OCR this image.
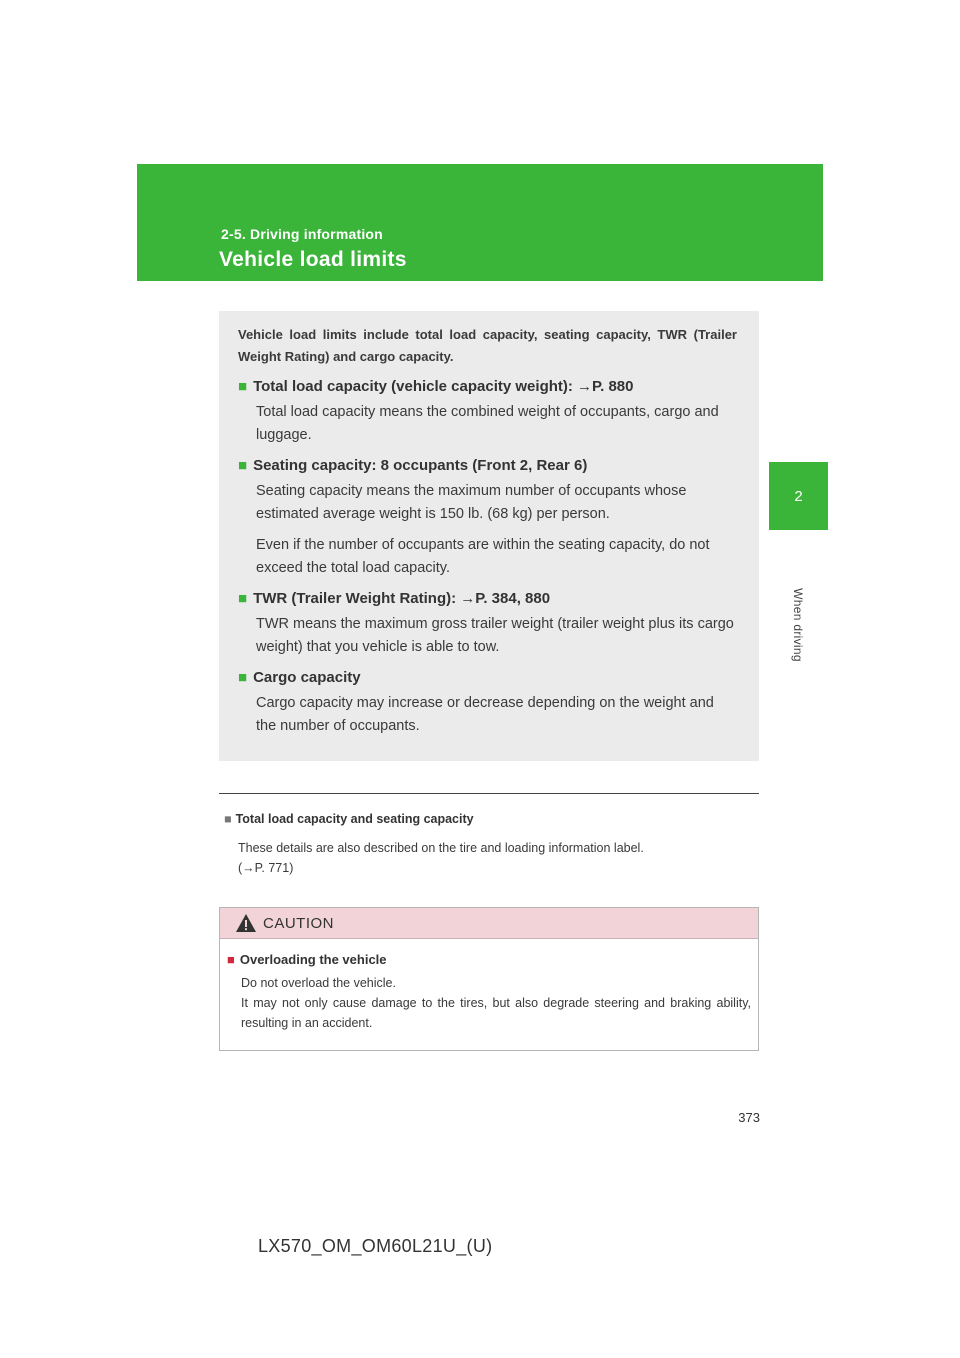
2-5. Driving information
Vehicle load limits
2
When driving

Vehicle load limits include total load capacity, seating capacity, TWR (Trailer Weight Rating) and cargo capacity.

■ Total load capacity (vehicle capacity weight): →P. 880

Total load capacity means the combined weight of occupants, cargo and luggage.

■ Seating capacity: 8 occupants (Front 2, Rear 6)

Seating capacity means the maximum number of occupants whose estimated average weight is 150 lb. (68 kg) per person.

Even if the number of occupants are within the seating capacity, do not exceed the total load capacity.

■ TWR (Trailer Weight Rating): →P. 384, 880

TWR means the maximum gross trailer weight (trailer weight plus its cargo weight) that you vehicle is able to tow.

■ Cargo capacity

Cargo capacity may increase or decrease depending on the weight and the number of occupants.

■ Total load capacity and seating capacity
These details are also described on the tire and loading information label.
(→P. 771)
CAUTION
■ Overloading the vehicle
Do not overload the vehicle.
It may not only cause damage to the tires, but also degrade steering and braking ability, resulting in an accident.
373
LX570_OM_OM60L21U_(U)
